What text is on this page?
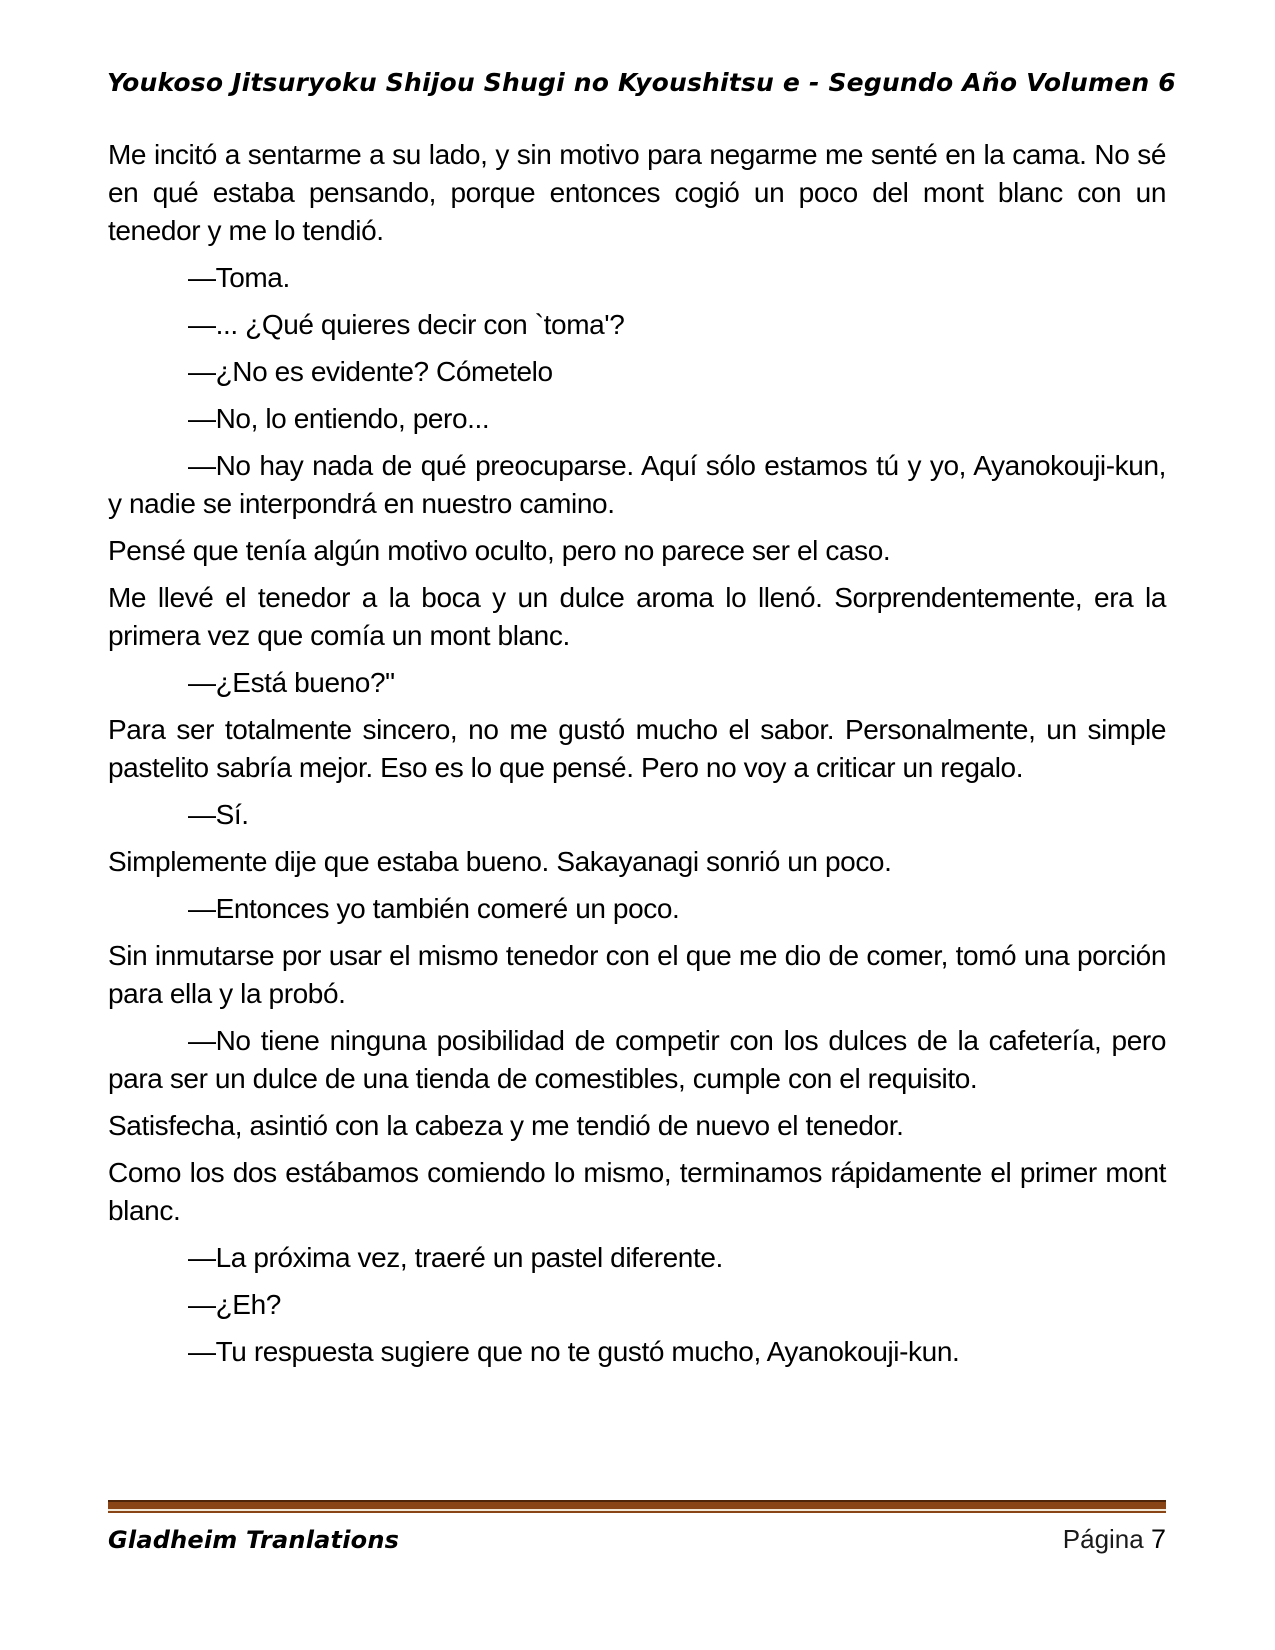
Youkoso Jitsuryoku Shijou Shugi no Kyoushitsu e - Segundo Año Volumen 6

Me incitó a sentarme a su lado, y sin motivo para negarme me senté en la cama. No sé en qué estaba pensando, porque entonces cogió un poco del mont blanc con un tenedor y me lo tendió.

—Toma.

—... ¿Qué quieres decir con `toma'?

—¿No es evidente? Cómetelo

—No, lo entiendo, pero...

—No hay nada de qué preocuparse. Aquí sólo estamos tú y yo, Ayanokouji-kun, y nadie se interpondrá en nuestro camino.

Pensé que tenía algún motivo oculto, pero no parece ser el caso.

Me llevé el tenedor a la boca y un dulce aroma lo llenó. Sorprendentemente, era la primera vez que comía un mont blanc.

—¿Está bueno?"

Para ser totalmente sincero, no me gustó mucho el sabor. Personalmente, un simple pastelito sabría mejor. Eso es lo que pensé. Pero no voy a criticar un regalo.

—Sí.

Simplemente dije que estaba bueno. Sakayanagi sonrió un poco.

—Entonces yo también comeré un poco.

Sin inmutarse por usar el mismo tenedor con el que me dio de comer, tomó una porción para ella y la probó.

—No tiene ninguna posibilidad de competir con los dulces de la cafetería, pero para ser un dulce de una tienda de comestibles, cumple con el requisito.

Satisfecha, asintió con la cabeza y me tendió de nuevo el tenedor.

Como los dos estábamos comiendo lo mismo, terminamos rápidamente el primer mont blanc.

—La próxima vez, traeré un pastel diferente.

—¿Eh?

—Tu respuesta sugiere que no te gustó mucho, Ayanokouji-kun.

Gladheim Tranlations	Página 7
